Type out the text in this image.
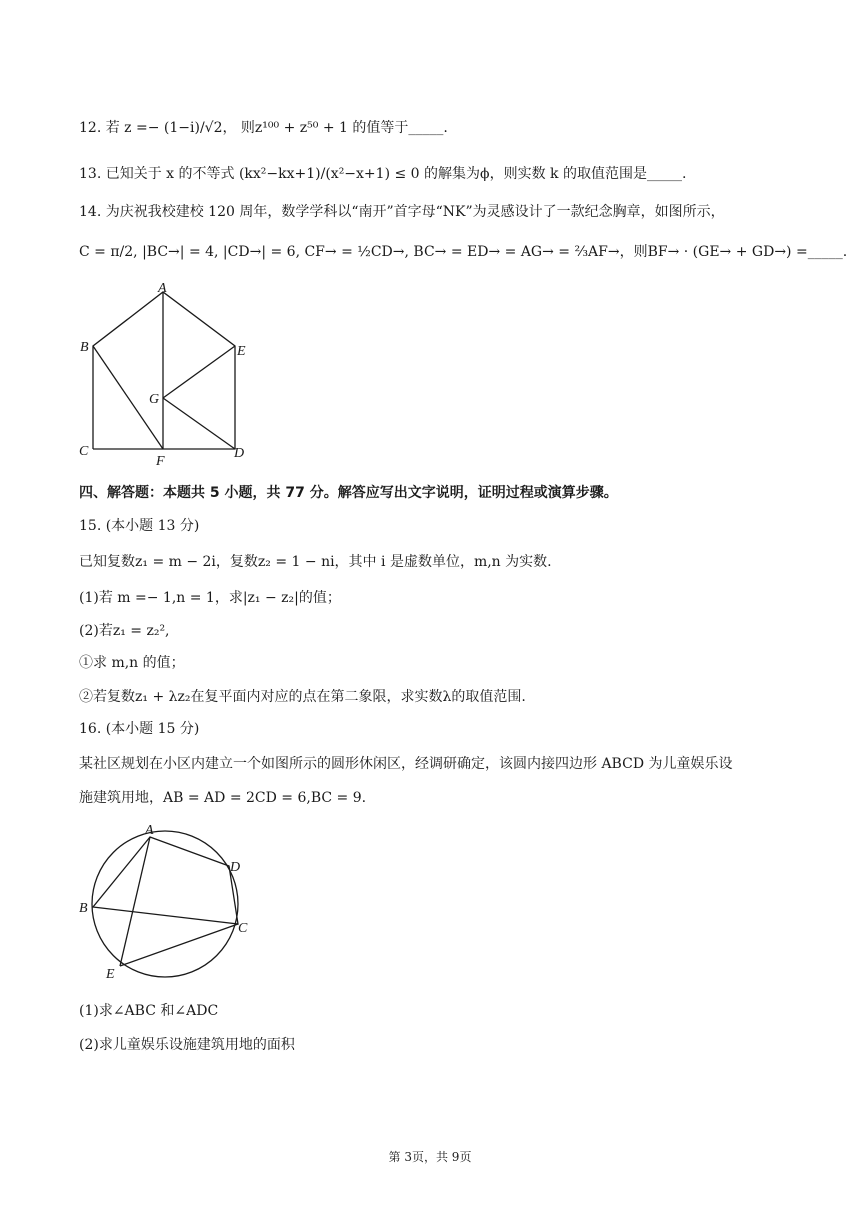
12. 若 z =− (1−i)/√2， 则z¹⁰⁰ + z⁵⁰ + 1 的值等于_____.
13. 已知关于 x 的不等式 (kx²−kx+1)/(x²−x+1) ≤ 0 的解集为ϕ，则实数 k 的取值范围是_____.
14. 为庆祝我校建校 120 周年，数学学科以“南开”首字母“NK”为灵感设计了一款纪念胸章，如图所示，
C = π/2, |BC→| = 4, |CD→| = 6, CF→ = ½CD→, BC→ = ED→ = AG→ = ⅔AF→，则BF→ · (GE→ + GD→) =_____.
A
B	E
G
C
F
D
四、解答题：本题共 5 小题，共 77 分。解答应写出文字说明，证明过程或演算步骤。
15. (本小题 13 分)
已知复数z₁ = m − 2i，复数z₂ = 1 − ni，其中 i 是虚数单位，m,n 为实数.
(1)若 m =− 1,n = 1，求|z₁ − z₂|的值；
(2)若z₁ = z₂²,
①求 m,n 的值；
②若复数z₁ + λz₂在复平面内对应的点在第二象限，求实数λ的取值范围.
16. (本小题 15 分)
某社区规划在小区内建立一个如图所示的圆形休闲区，经调研确定，该圆内接四边形 ABCD 为儿童娱乐设
施建筑用地，AB = AD = 2CD = 6,BC = 9.
A
D
B
C
E
(1)求∠ABC 和∠ADC
(2)求儿童娱乐设施建筑用地的面积
第 3页，共 9页
